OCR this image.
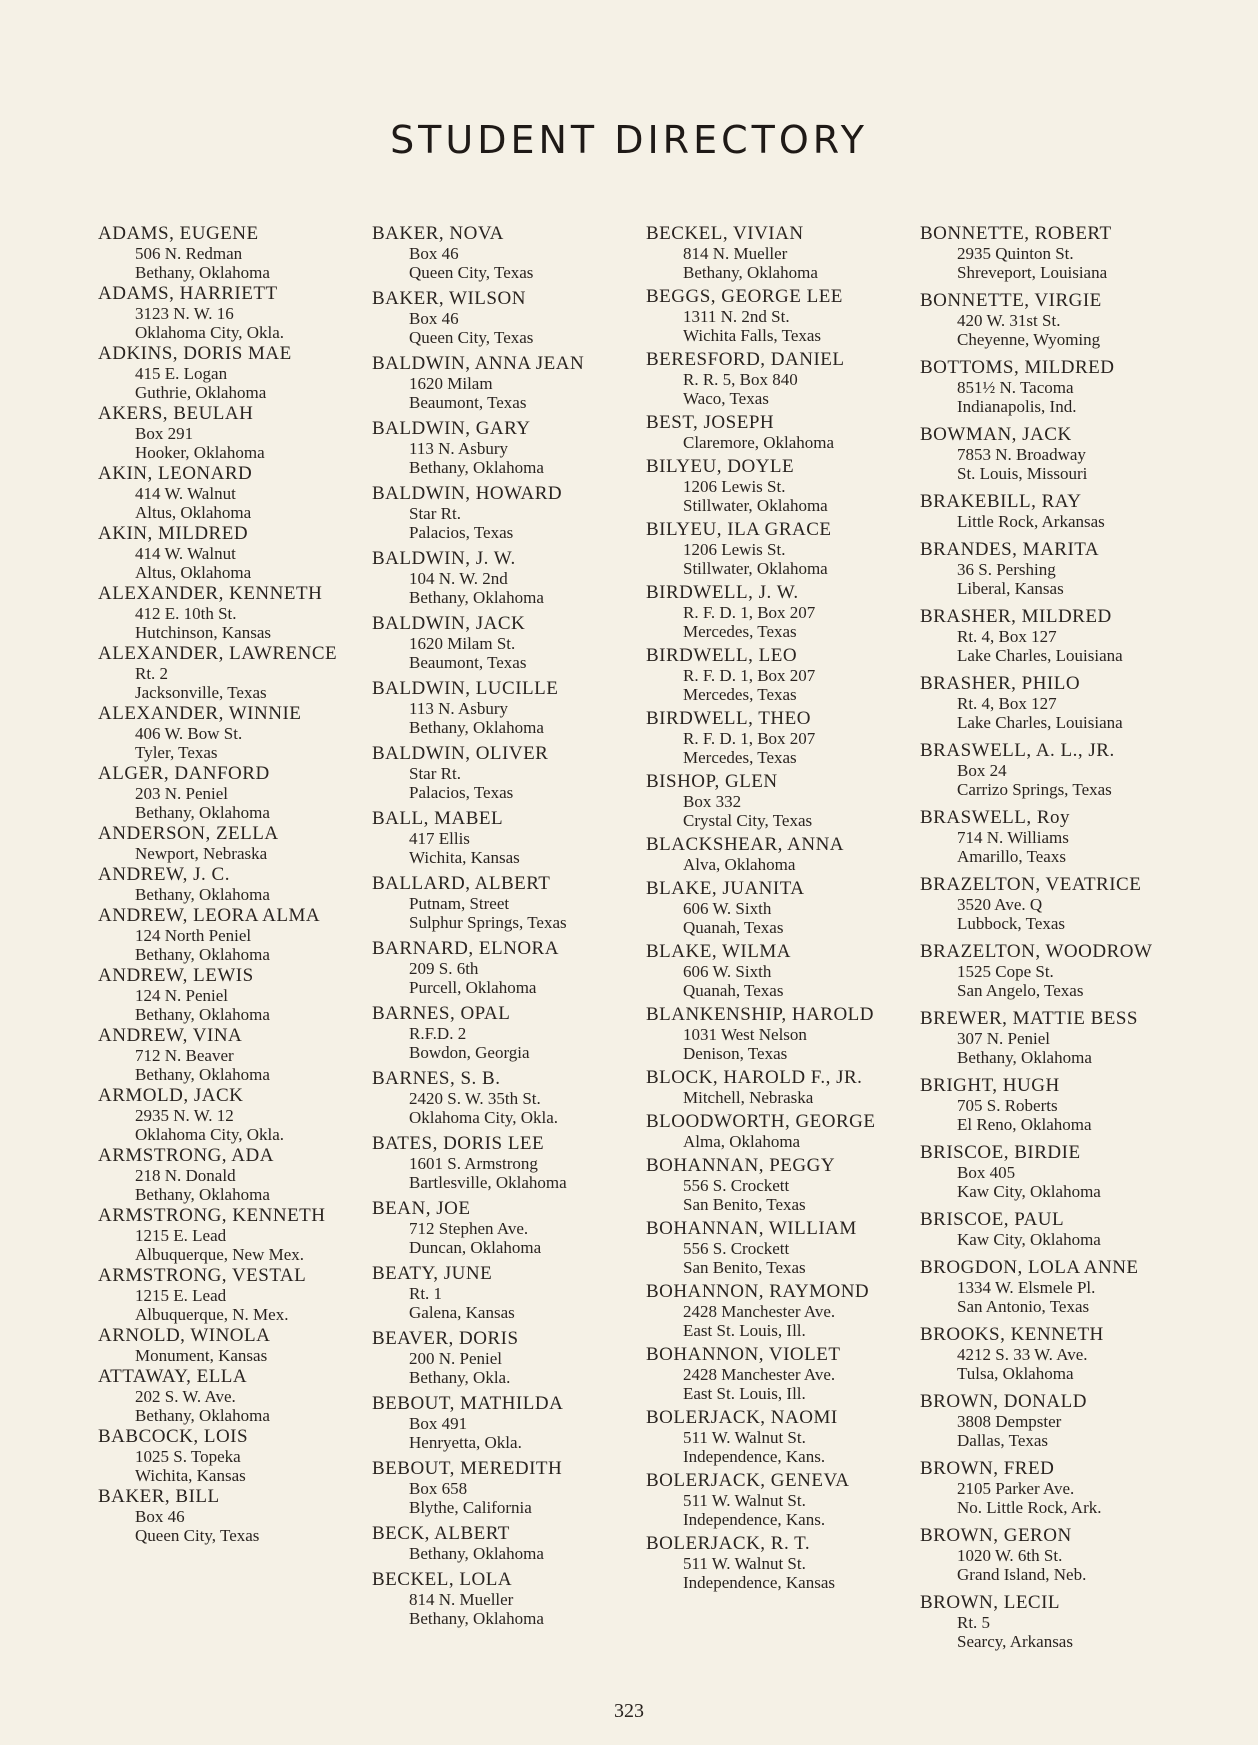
STUDENT DIRECTORY
ADAMS, EUGENE
506 N. Redman
Bethany, Oklahoma
ADAMS, HARRIETT
3123 N. W. 16
Oklahoma City, Okla.
ADKINS, DORIS MAE
415 E. Logan
Guthrie, Oklahoma
AKERS, BEULAH
Box 291
Hooker, Oklahoma
AKIN, LEONARD
414 W. Walnut
Altus, Oklahoma
AKIN, MILDRED
414 W. Walnut
Altus, Oklahoma
ALEXANDER, KENNETH
412 E. 10th St.
Hutchinson, Kansas
ALEXANDER, LAWRENCE
Rt. 2
Jacksonville, Texas
ALEXANDER, WINNIE
406 W. Bow St.
Tyler, Texas
ALGER, DANFORD
203 N. Peniel
Bethany, Oklahoma
ANDERSON, ZELLA
Newport, Nebraska
ANDREW, J. C.
Bethany, Oklahoma
ANDREW, LEORA ALMA
124 North Peniel
Bethany, Oklahoma
ANDREW, LEWIS
124 N. Peniel
Bethany, Oklahoma
ANDREW, VINA
712 N. Beaver
Bethany, Oklahoma
ARMOLD, JACK
2935 N. W. 12
Oklahoma City, Okla.
ARMSTRONG, ADA
218 N. Donald
Bethany, Oklahoma
ARMSTRONG, KENNETH
1215 E. Lead
Albuquerque, New Mex.
ARMSTRONG, VESTAL
1215 E. Lead
Albuquerque, N. Mex.
ARNOLD, WINOLA
Monument, Kansas
ATTAWAY, ELLA
202 S. W. Ave.
Bethany, Oklahoma
BABCOCK, LOIS
1025 S. Topeka
Wichita, Kansas
BAKER, BILL
Box 46
Queen City, Texas
BAKER, NOVA
Box 46
Queen City, Texas
BAKER, WILSON
Box 46
Queen City, Texas
BALDWIN, ANNA JEAN
1620 Milam
Beaumont, Texas
BALDWIN, GARY
113 N. Asbury
Bethany, Oklahoma
BALDWIN, HOWARD
Star Rt.
Palacios, Texas
BALDWIN, J. W.
104 N. W. 2nd
Bethany, Oklahoma
BALDWIN, JACK
1620 Milam St.
Beaumont, Texas
BALDWIN, LUCILLE
113 N. Asbury
Bethany, Oklahoma
BALDWIN, OLIVER
Star Rt.
Palacios, Texas
BALL, MABEL
417 Ellis
Wichita, Kansas
BALLARD, ALBERT
Putnam, Street
Sulphur Springs, Texas
BARNARD, ELNORA
209 S. 6th
Purcell, Oklahoma
BARNES, OPAL
R.F.D. 2
Bowdon, Georgia
BARNES, S. B.
2420 S. W. 35th St.
Oklahoma City, Okla.
BATES, DORIS LEE
1601 S. Armstrong
Bartlesville, Oklahoma
BEAN, JOE
712 Stephen Ave.
Duncan, Oklahoma
BEATY, JUNE
Rt. 1
Galena, Kansas
BEAVER, DORIS
200 N. Peniel
Bethany, Okla.
BEBOUT, MATHILDA
Box 491
Henryetta, Okla.
BEBOUT, MEREDITH
Box 658
Blythe, California
BECK, ALBERT
Bethany, Oklahoma
BECKEL, LOLA
814 N. Mueller
Bethany, Oklahoma
BECKEL, VIVIAN
814 N. Mueller
Bethany, Oklahoma
BEGGS, GEORGE LEE
1311 N. 2nd St.
Wichita Falls, Texas
BERESFORD, DANIEL
R. R. 5, Box 840
Waco, Texas
BEST, JOSEPH
Claremore, Oklahoma
BILYEU, DOYLE
1206 Lewis St.
Stillwater, Oklahoma
BILYEU, ILA GRACE
1206 Lewis St.
Stillwater, Oklahoma
BIRDWELL, J. W.
R. F. D. 1, Box 207
Mercedes, Texas
BIRDWELL, LEO
R. F. D. 1, Box 207
Mercedes, Texas
BIRDWELL, THEO
R. F. D. 1, Box 207
Mercedes, Texas
BISHOP, GLEN
Box 332
Crystal City, Texas
BLACKSHEAR, ANNA
Alva, Oklahoma
BLAKE, JUANITA
606 W. Sixth
Quanah, Texas
BLAKE, WILMA
606 W. Sixth
Quanah, Texas
BLANKENSHIP, HAROLD
1031 West Nelson
Denison, Texas
BLOCK, HAROLD F., JR.
Mitchell, Nebraska
BLOODWORTH, GEORGE
Alma, Oklahoma
BOHANNAN, PEGGY
556 S. Crockett
San Benito, Texas
BOHANNAN, WILLIAM
556 S. Crockett
San Benito, Texas
BOHANNON, RAYMOND
2428 Manchester Ave.
East St. Louis, Ill.
BOHANNON, VIOLET
2428 Manchester Ave.
East St. Louis, Ill.
BOLERJACK, NAOMI
511 W. Walnut St.
Independence, Kans.
BOLERJACK, GENEVA
511 W. Walnut St.
Independence, Kans.
BOLERJACK, R. T.
511 W. Walnut St.
Independence, Kansas
BONNETTE, ROBERT
2935 Quinton St.
Shreveport, Louisiana
BONNETTE, VIRGIE
420 W. 31st St.
Cheyenne, Wyoming
BOTTOMS, MILDRED
851½ N. Tacoma
Indianapolis, Ind.
BOWMAN, JACK
7853 N. Broadway
St. Louis, Missouri
BRAKEBILL, RAY
Little Rock, Arkansas
BRANDES, MARITA
36 S. Pershing
Liberal, Kansas
BRASHER, MILDRED
Rt. 4, Box 127
Lake Charles, Louisiana
BRASHER, PHILO
Rt. 4, Box 127
Lake Charles, Louisiana
BRASWELL, A. L., JR.
Box 24
Carrizo Springs, Texas
BRASWELL, Roy
714 N. Williams
Amarillo, Teaxs
BRAZELTON, VEATRICE
3520 Ave. Q
Lubbock, Texas
BRAZELTON, WOODROW
1525 Cope St.
San Angelo, Texas
BREWER, MATTIE BESS
307 N. Peniel
Bethany, Oklahoma
BRIGHT, HUGH
705 S. Roberts
El Reno, Oklahoma
BRISCOE, BIRDIE
Box 405
Kaw City, Oklahoma
BRISCOE, PAUL
Kaw City, Oklahoma
BROGDON, LOLA ANNE
1334 W. Elsmele Pl.
San Antonio, Texas
BROOKS, KENNETH
4212 S. 33 W. Ave.
Tulsa, Oklahoma
BROWN, DONALD
3808 Dempster
Dallas, Texas
BROWN, FRED
2105 Parker Ave.
No. Little Rock, Ark.
BROWN, GERON
1020 W. 6th St.
Grand Island, Neb.
BROWN, LECIL
Rt. 5
Searcy, Arkansas
323
